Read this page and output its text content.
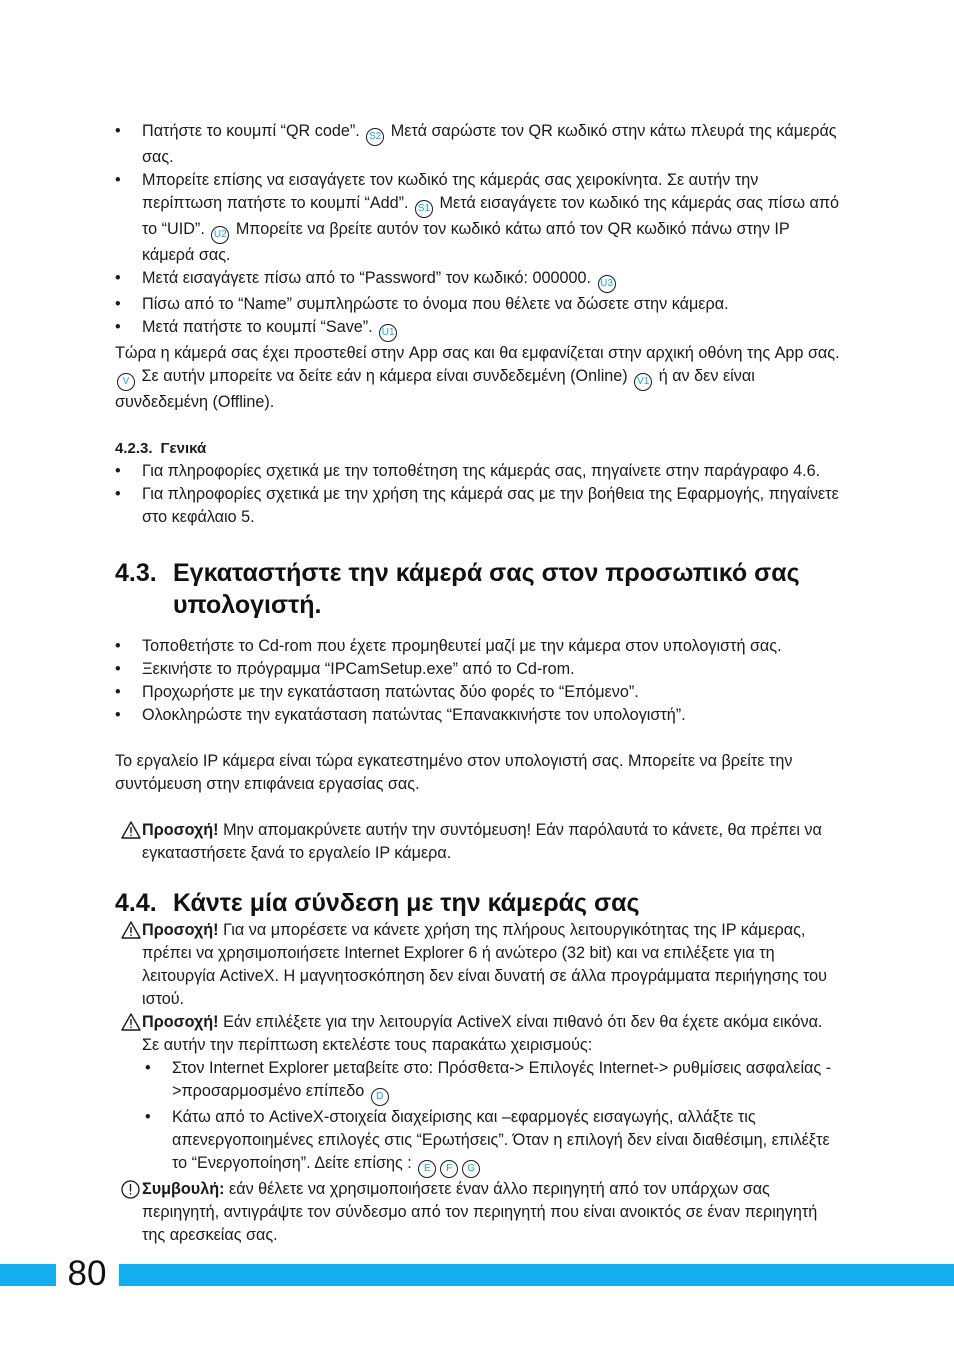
• Πατήστε το κουμπί “QR code”. S2 Μετά σαρώστε τον QR κωδικό στην κάτω πλευρά της κάμεράς σας.
• Μπορείτε επίσης να εισαγάγετε τον κωδικό της κάμεράς σας χειροκίνητα. Σε αυτήν την περίπτωση πατήστε το κουμπί “Add”. S1 Μετά εισαγάγετε τον κωδικό της κάμεράς σας πίσω από το “UID”. U2 Μπορείτε να βρείτε αυτόν τον κωδικό κάτω από τον QR κωδικό πάνω στην IP κάμερά σας.
• Μετά εισαγάγετε πίσω από το “Password” τον κωδικό: 000000. U3
• Πίσω από το “Name” συμπληρώστε το όνομα που θέλετε να δώσετε στην κάμερα.
• Μετά πατήστε το κουμπί “Save”. U1

Τώρα η κάμερά σας έχει προστεθεί στην App σας και θα εμφανίζεται στην αρχική οθόνη της App σας.V Σε αυτήν μπορείτε να δείτε εάν η κάμερα είναι συνδεδεμένη (Online) V1 ή αν δεν είναι συνδεδεμένη (Offline).

4.2.3. Γενικά
• Για πληροφορίες σχετικά με την τοποθέτηση της κάμεράς σας, πηγαίνετε στην παράγραφο 4.6.
• Για πληροφορίες σχετικά με την χρήση της κάμερά σας με την βοήθεια της Εφαρμογής, πηγαίνετε στο κεφάλαιο 5.
4.3. Εγκαταστήστε την κάμερά σας στον προσωπικό σας υπολογιστή.
• Τοποθετήστε το Cd-rom που έχετε προμηθευτεί μαζί με την κάμερα στον υπολογιστή σας.
• Ξεκινήστε το πρόγραμμα “IPCamSetup.exe” από το Cd-rom.
• Προχωρήστε με την εγκατάσταση πατώντας δύο φορές το “Επόμενο”.
• Ολοκληρώστε την εγκατάσταση πατώντας “Επανακκινήστε τον υπολογιστή”.

Το εργαλείο IP κάμερα είναι τώρα εγκατεστημένο στον υπολογιστή σας. Μπορείτε να βρείτε την συντόμευση στην επιφάνεια εργασίας σας.

Προσοχή! Μην απομακρύνετε αυτήν την συντόμευση! Εάν παρόλαυτά το κάνετε, θα πρέπει να εγκαταστήσετε ξανά το εργαλείο IP κάμερα.
4.4. Κάντε μία σύνδεση με την κάμεράς σας
Προσοχή! Για να μπορέσετε να κάνετε χρήση της πλήρους λειτουργικότητας της IP κάμερας, πρέπει να χρησιμοποιήσετε Internet Explorer 6 ή ανώτερο (32 bit) και να επιλέξετε για τη λειτουργία ActiveX. Η μαγνητοσκόπηση δεν είναι δυνατή σε άλλα προγράμματα περιήγησης του ιστού.
Προσοχή! Εάν επιλέξετε για την λειτουργία ActiveX είναι πιθανό ότι δεν θα έχετε ακόμα εικόνα. Σε αυτήν την περίπτωση εκτελέστε τους παρακάτω χειρισμούς:
• Στον Internet Explorer μεταβείτε στο: Πρόσθετα-> Επιλογές Internet-> ρυθμίσεις ασφαλείας ->προσαρμοσμένο επίπεδο D
• Κάτω από το ActiveX-στοιχεία διαχείρισης και –εφαρμογές εισαγωγής, αλλάξτε τις απενεργοποιημένες επιλογές στις “Ερωτήσεις”. Όταν η επιλογή δεν είναι διαθέσιμη, επιλέξτε το “Ενεργοποίηση”. Δείτε επίσης : E F G
Συμβουλή: εάν θέλετε να χρησιμοποιήσετε έναν άλλο περιηγητή από τον υπάρχων σας περιηγητή, αντιγράψτε τον σύνδεσμο από τον περιηγητή που είναι ανοικτός σε έναν περιηγητή της αρεσκείας σας.
80
